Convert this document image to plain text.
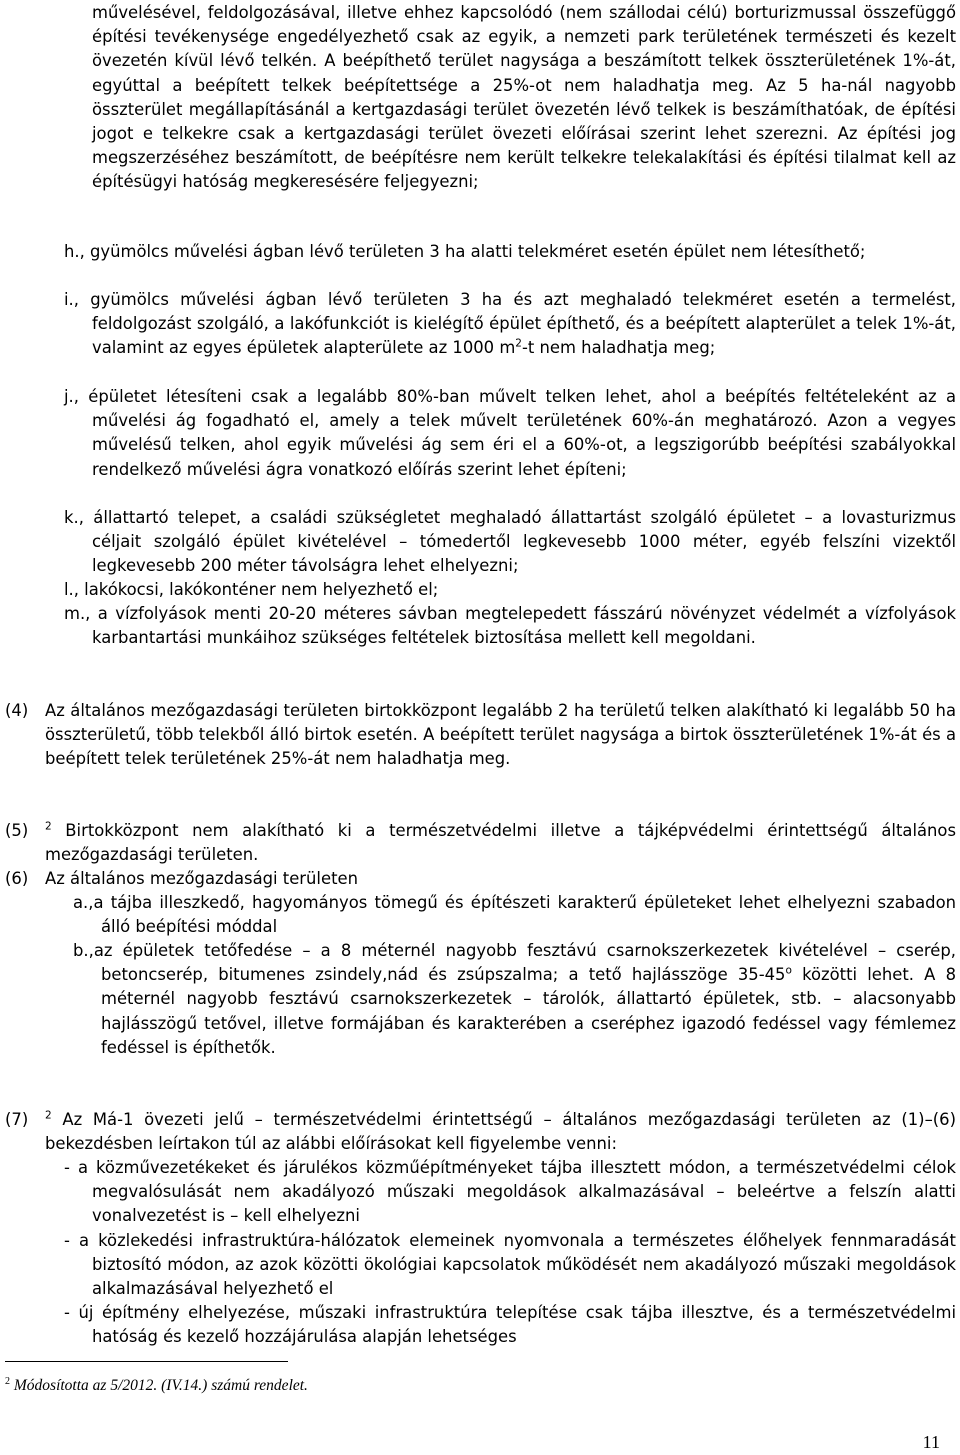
művelésével, feldolgozásával, illetve ehhez kapcsolódó (nem szállodai célú) borturizmussal összefüggő építési tevékenysége engedélyezhető csak az egyik, a nemzeti park területének természeti és kezelt övezetén kívül lévő telkén. A beépíthető terület nagysága a beszámított telkek összterületének 1%-át, egyúttal a beépített telkek beépítettsége a 25%-ot nem haladhatja meg. Az 5 ha-nál nagyobb összterület megállapításánál a kertgazdasági terület övezetén lévő telkek is beszámíthatóak, de építési jogot e telkekre csak a kertgazdasági terület övezeti előírásai szerint lehet szerezni. Az építési jog megszerzéséhez beszámított, de beépítésre nem került telkekre telekalakítási és építési tilalmat kell az építésügyi hatóság megkeresésére feljegyezni;

h., gyümölcs művelési ágban lévő területen 3 ha alatti telekméret esetén épület nem létesíthető;

i., gyümölcs művelési ágban lévő területen 3 ha és azt meghaladó telekméret esetén a termelést, feldolgozást szolgáló, a lakófunkciót is kielégítő épület építhető, és a beépített alapterület a telek 1%-át, valamint az egyes épületek alapterülete az 1000 $m^2-t$ nem haladhatja meg;

j., épületet létesíteni csak a legalább 80%-ban művelt telken lehet, ahol a beépítés feltételeként az a művelési ág fogadható el, amely a telek művelt területének 60%-án meghatározó. Azon a vegyes művelésű telken, ahol egyik művelési ág sem éri el a 60%-ot, a legszigorúbb beépítési szabályokkal rendelkező művelési ágra vonatkozó előírás szerint lehet építeni;

k., állattartó telepet, a családi szükségletet meghaladó állattartást szolgáló épületet – a lovasturizmus céljait szolgáló épület kivételével – tómedertől legkevesebb 1000 méter, egyéb felszíni vizektől legkevesebb 200 méter távolságra lehet elhelyezni;

l., lakókocsi, lakókonténer nem helyezhető el;

m., a vízfolyások menti 20-20 méteres sávban megtelepedett fásszárú növényzet védelmét a vízfolyások karbantartási munkáihoz szükséges feltételek biztosítása mellett kell megoldani.

(4) Az általános mezőgazdasági területen birtokközpont legalább 2 ha területű telken alakítható ki legalább 50 ha összterületű, több telekből álló birtok esetén. A beépített terület nagysága a birtok összterületének 1%-át és a beépített telek területének 25%-át nem haladhatja meg.

(5) $^2$ Birtokközpont nem alakítható ki a természetvédelmi illetve a tájképvédelmi érintettségű általános mezőgazdasági területen.

(6) Az általános mezőgazdasági területen

a.,a tájba illeszkedő, hagyományos tömegű és építészeti karakterű épületeket lehet elhelyezni szabadon álló beépítési móddal

b.,az épületek tetőfedése – a 8 méternél nagyobb fesztávú csarnokszerkezetek kivételével – cserép, betoncserép, bitumenes zsindely,nád és zsúpszalma; a tető hajlásszöge 35-45$^o$ közötti lehet. A 8 méternél nagyobb fesztávú csarnokszerkezetek – tárolók, állattartó épületek, stb. – alacsonyabb hajlásszögű tetővel, illetve formájában és karakterében a cseréphez igazodó fedéssel vagy fémlemez fedéssel is építhetők.

(7) $^2$ Az Má-1 övezeti jelű – természetvédelmi érintettségű – általános mezőgazdasági területen az (1)–(6) bekezdésben leírtakon túl az alábbi előírásokat kell figyelembe venni:

- a közművezetékeket és járulékos közműépítményeket tájba illesztett módon, a természetvédelmi célok megvalósulását nem akadályozó műszaki megoldások alkalmazásával – beleértve a felszín alatti vonalvezetést is – kell elhelyezni

- a közlekedési infrastruktúra-hálózatok elemeinek nyomvonala a természetes élőhelyek fennmaradását biztosító módon, az azok közötti ökológiai kapcsolatok működését nem akadályozó műszaki megoldások alkalmazásával helyezhető el

- új építmény elhelyezése, műszaki infrastruktúra telepítése csak tájba illesztve, és a természetvédelmi hatóság és kezelő hozzájárulása alapján lehetséges

$^2$ Módosította az 5/2012. (IV.14.) számú rendelet.
11
